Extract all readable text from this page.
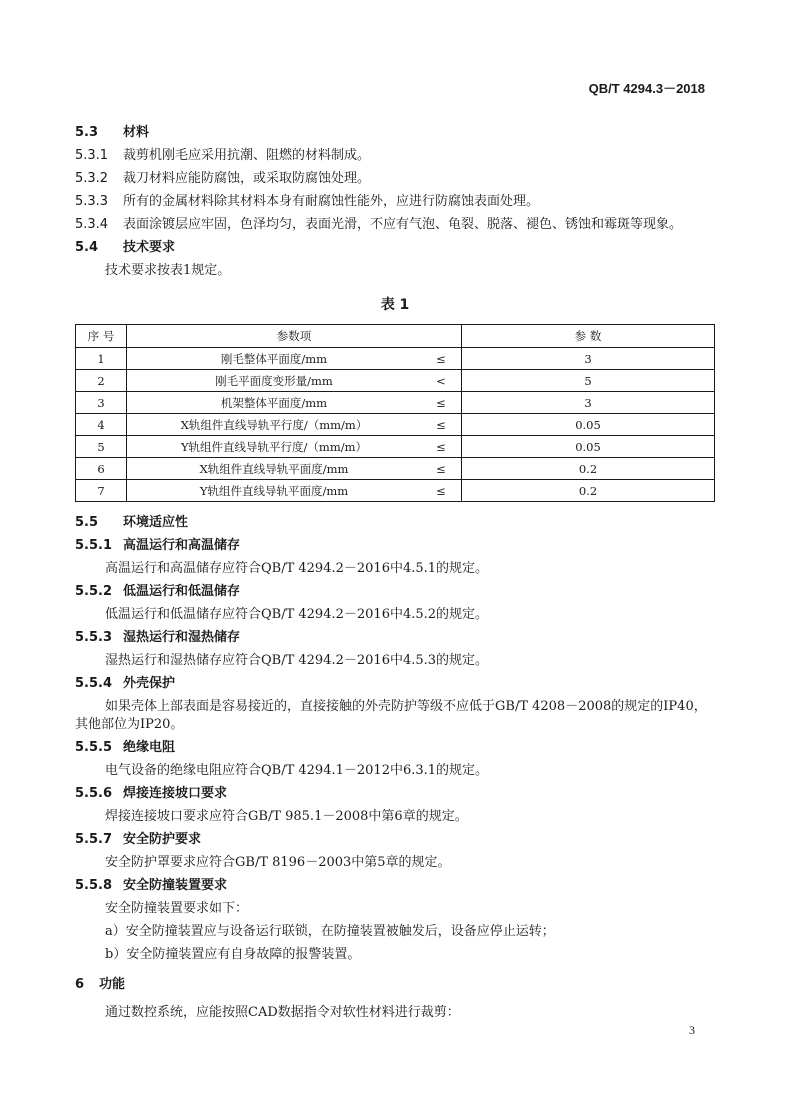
QB/T 4294.3－2018
5.3 材料
5.3.1 裁剪机刚毛应采用抗潮、阻燃的材料制成。
5.3.2 裁刀材料应能防腐蚀，或采取防腐蚀处理。
5.3.3 所有的金属材料除其材料本身有耐腐蚀性能外，应进行防腐蚀表面处理。
5.3.4 表面涂镀层应牢固，色泽均匀，表面光滑，不应有气泡、龟裂、脱落、褪色、锈蚀和霉斑等现象。
5.4 技术要求
技术要求按表1规定。
表 1
序 号	参数项		参 数
1	刚毛整体平面度/mm	≤	3
2	刚毛平面度变形量/mm	<	5
3	机架整体平面度/mm	≤	3
4	X轨组件直线导轨平行度/（mm/m）	≤	0.05
5	Y轨组件直线导轨平行度/（mm/m）	≤	0.05
6	X轨组件直线导轨平面度/mm	≤	0.2
7	Y轨组件直线导轨平面度/mm	≤	0.2
5.5 环境适应性
5.5.1 高温运行和高温储存
高温运行和高温储存应符合QB/T 4294.2－2016中4.5.1的规定。
5.5.2 低温运行和低温储存
低温运行和低温储存应符合QB/T 4294.2－2016中4.5.2的规定。
5.5.3 湿热运行和湿热储存
湿热运行和湿热储存应符合QB/T 4294.2－2016中4.5.3的规定。
5.5.4 外壳保护
如果壳体上部表面是容易接近的，直接接触的外壳防护等级不应低于GB/T 4208－2008的规定的IP40，其他部位为IP20。
5.5.5 绝缘电阻
电气设备的绝缘电阻应符合QB/T 4294.1－2012中6.3.1的规定。
5.5.6 焊接连接坡口要求
焊接连接坡口要求应符合GB/T 985.1－2008中第6章的规定。
5.5.7 安全防护要求
安全防护罩要求应符合GB/T 8196－2003中第5章的规定。
5.5.8 安全防撞装置要求
安全防撞装置要求如下：
a）安全防撞装置应与设备运行联锁，在防撞装置被触发后，设备应停止运转；
b）安全防撞装置应有自身故障的报警装置。
6 功能
通过数控系统，应能按照CAD数据指令对软性材料进行裁剪：
3
